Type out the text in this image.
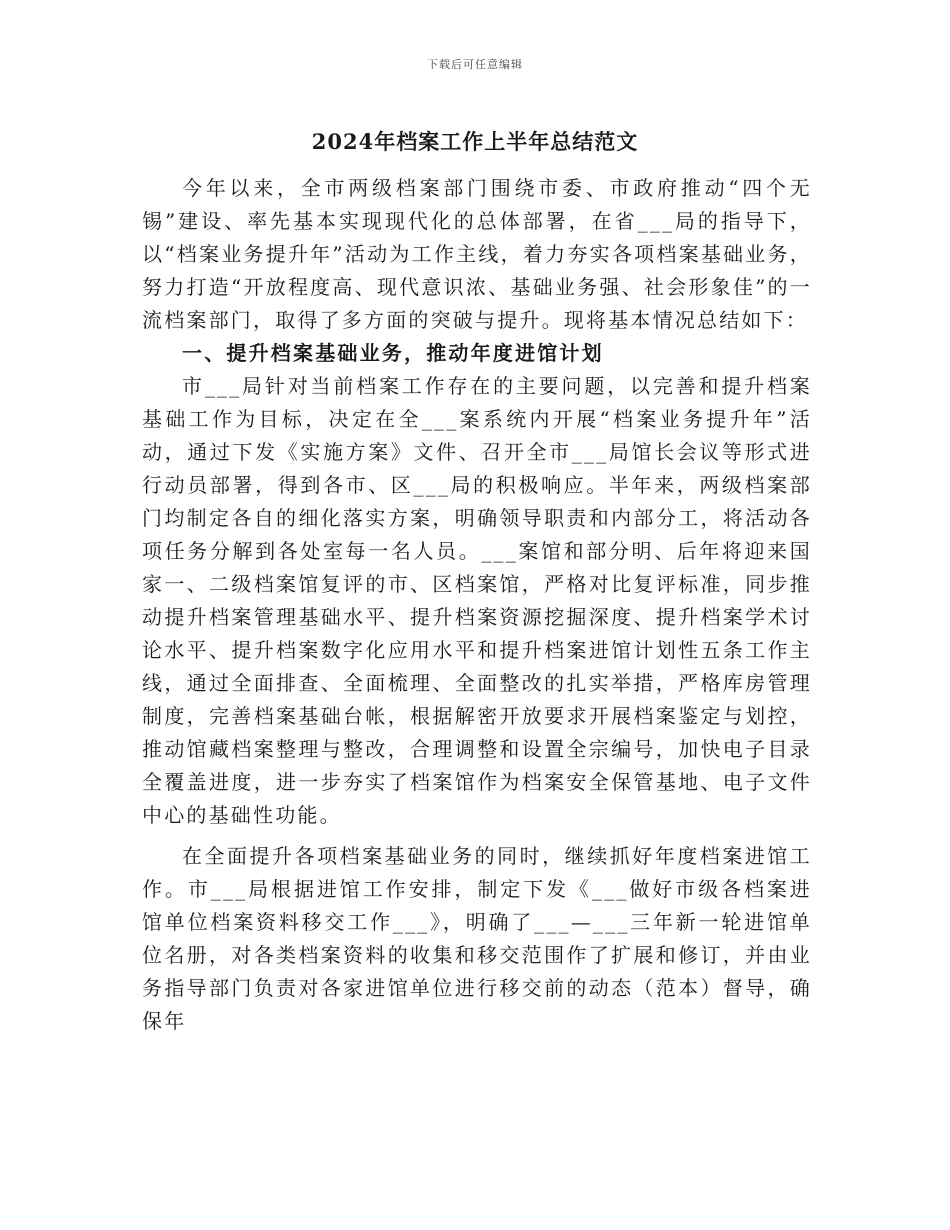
下载后可任意编辑
2024年档案工作上半年总结范文

今年以来，全市两级档案部门围绕市委、市政府推动“四个无锡”建设、率先基本实现现代化的总体部署，在省___局的指导下，以“档案业务提升年”活动为工作主线，着力夯实各项档案基础业务，努力打造“开放程度高、现代意识浓、基础业务强、社会形象佳”的一流档案部门，取得了多方面的突破与提升。现将基本情况总结如下：

一、提升档案基础业务，推动年度进馆计划

市___局针对当前档案工作存在的主要问题，以完善和提升档案基础工作为目标，决定在全___案系统内开展“档案业务提升年”活动，通过下发《实施方案》文件、召开全市___局馆长会议等形式进行动员部署，得到各市、区___局的积极响应。半年来，两级档案部门均制定各自的细化落实方案，明确领导职责和内部分工，将活动各项任务分解到各处室每一名人员。___案馆和部分明、后年将迎来国家一、二级档案馆复评的市、区档案馆，严格对比复评标准，同步推动提升档案管理基础水平、提升档案资源挖掘深度、提升档案学术讨论水平、提升档案数字化应用水平和提升档案进馆计划性五条工作主线，通过全面排查、全面梳理、全面整改的扎实举措，严格库房管理制度，完善档案基础台帐，根据解密开放要求开展档案鉴定与划控，推动馆藏档案整理与整改，合理调整和设置全宗编号，加快电子目录全覆盖进度，进一步夯实了档案馆作为档案安全保管基地、电子文件中心的基础性功能。

在全面提升各项档案基础业务的同时，继续抓好年度档案进馆工作。市___局根据进馆工作安排，制定下发《___做好市级各档案进馆单位档案资料移交工作___》，明确了___—___三年新一轮进馆单位名册，对各类档案资料的收集和移交范围作了扩展和修订，并由业务指导部门负责对各家进馆单位进行移交前的动态（范本）督导，确保年
